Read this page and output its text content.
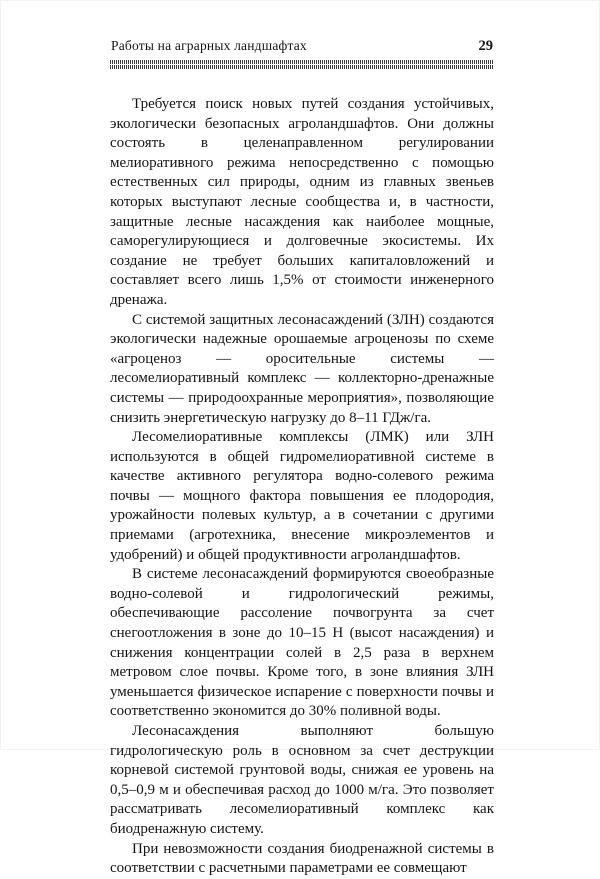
Работы на аграрных ландшафтах	29

Требуется поиск новых путей создания устойчивых, экологически безопасных агроландшафтов. Они должны состоять в целенаправленном регулировании мелиоративного режима непосредственно с помощью естественных сил природы, одним из главных звеньев которых выступают лесные сообщества и, в частности, защитные лесные насаждения как наиболее мощные, саморегулирующиеся и долговечные экосистемы. Их создание не требует больших капиталовложений и составляет всего лишь 1,5% от стоимости инженерного дренажа.

С системой защитных лесонасаждений (ЗЛН) создаются экологически надежные орошаемые агроценозы по схеме «агроценоз — оросительные системы — лесомелиоративный комплекс — коллекторно-дренажные системы — природоохранные мероприятия», позволяющие снизить энергетическую нагрузку до 8–11 ГДж/га.

Лесомелиоративные комплексы (ЛМК) или ЗЛН используются в общей гидромелиоративной системе в качестве активного регулятора водно-солевого режима почвы — мощного фактора повышения ее плодородия, урожайности полевых культур, а в сочетании с другими приемами (агротехника, внесение микроэлементов и удобрений) и общей продуктивности агроландшафтов.

В системе лесонасаждений формируются своеобразные водно-солевой и гидрологический режимы, обеспечивающие рассоление почвогрунта за счет снегоотложения в зоне до 10–15 Н (высот насаждения) и снижения концентрации солей в 2,5 раза в верхнем метровом слое почвы. Кроме того, в зоне влияния ЗЛН уменьшается физическое испарение с поверхности почвы и соответственно экономится до 30% поливной воды.

Лесонасаждения выполняют большую гидрологическую роль в основном за счет деструкции корневой системой грунтовой воды, снижая ее уровень на 0,5–0,9 м и обеспечивая расход до 1000 м/га. Это позволяет рассматривать лесомелиоративный комплекс как биодренажную систему.

При невозможности создания биодренажной системы в соответствии с расчетными параметрами ее совмещают
